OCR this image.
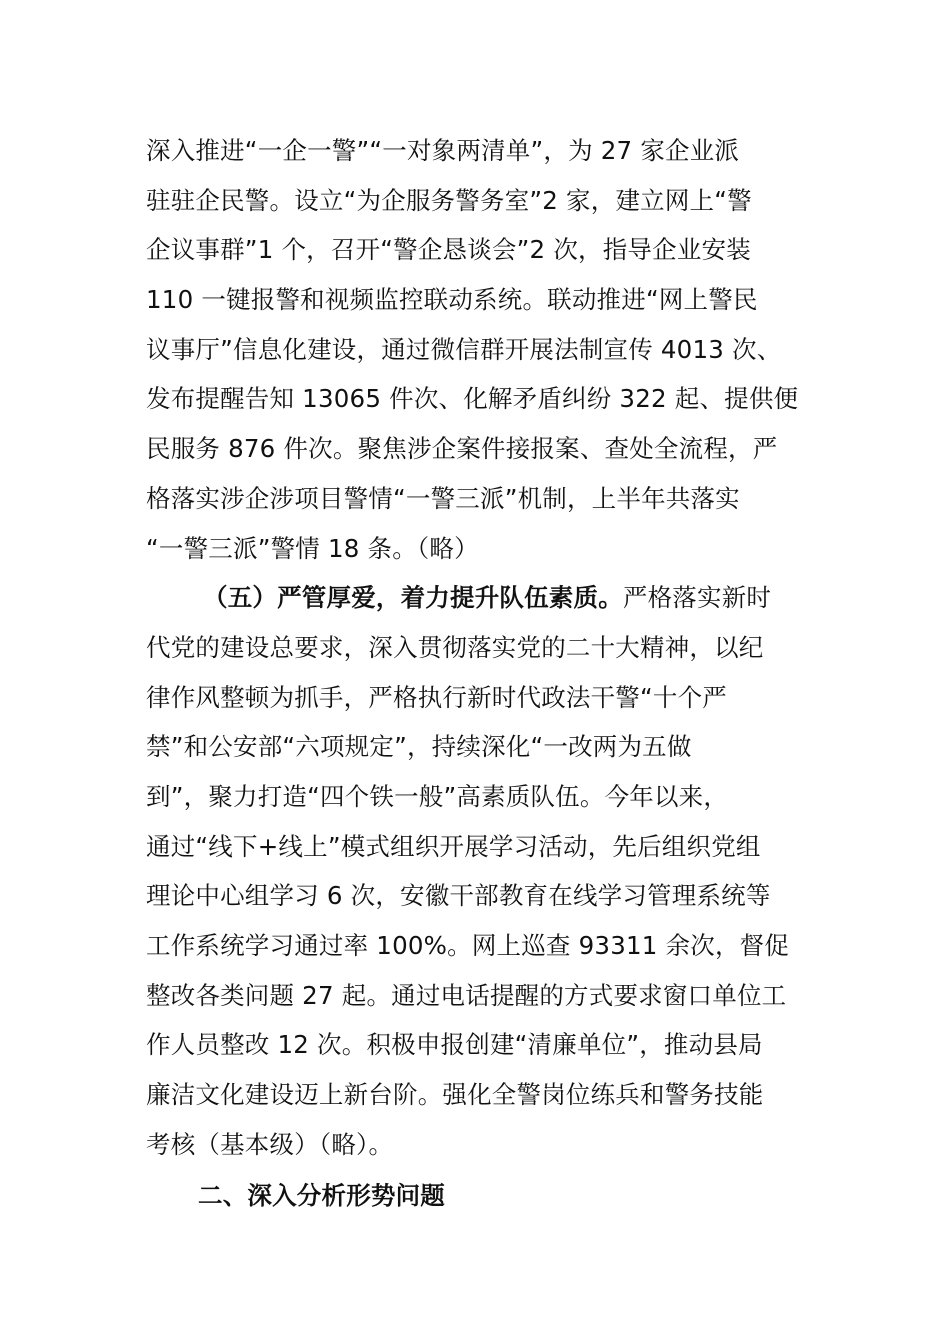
深入推进“一企一警”“一对象两清单”，为 27 家企业派
驻驻企民警。设立“为企服务警务室”2 家，建立网上“警
企议事群”1 个，召开“警企恳谈会”2 次，指导企业安装
110 一键报警和视频监控联动系统。联动推进“网上警民
议事厅”信息化建设，通过微信群开展法制宣传 4013 次、
发布提醒告知 13065 件次、化解矛盾纠纷 322 起、提供便
民服务 876 件次。聚焦涉企案件接报案、查处全流程，严
格落实涉企涉项目警情“一警三派”机制，上半年共落实
“一警三派”警情 18 条。（略）
（五）严管厚爱，着力提升队伍素质。严格落实新时
代党的建设总要求，深入贯彻落实党的二十大精神，以纪
律作风整顿为抓手，严格执行新时代政法干警“十个严
禁”和公安部“六项规定”，持续深化“一改两为五做
到”，聚力打造“四个铁一般”高素质队伍。今年以来，
通过“线下+线上”模式组织开展学习活动，先后组织党组
理论中心组学习 6 次，安徽干部教育在线学习管理系统等
工作系统学习通过率 100%。网上巡查 93311 余次，督促
整改各类问题 27 起。通过电话提醒的方式要求窗口单位工
作人员整改 12 次。积极申报创建“清廉单位”，推动县局
廉洁文化建设迈上新台阶。强化全警岗位练兵和警务技能
考核（基本级）（略）。
二、深入分析形势问题
